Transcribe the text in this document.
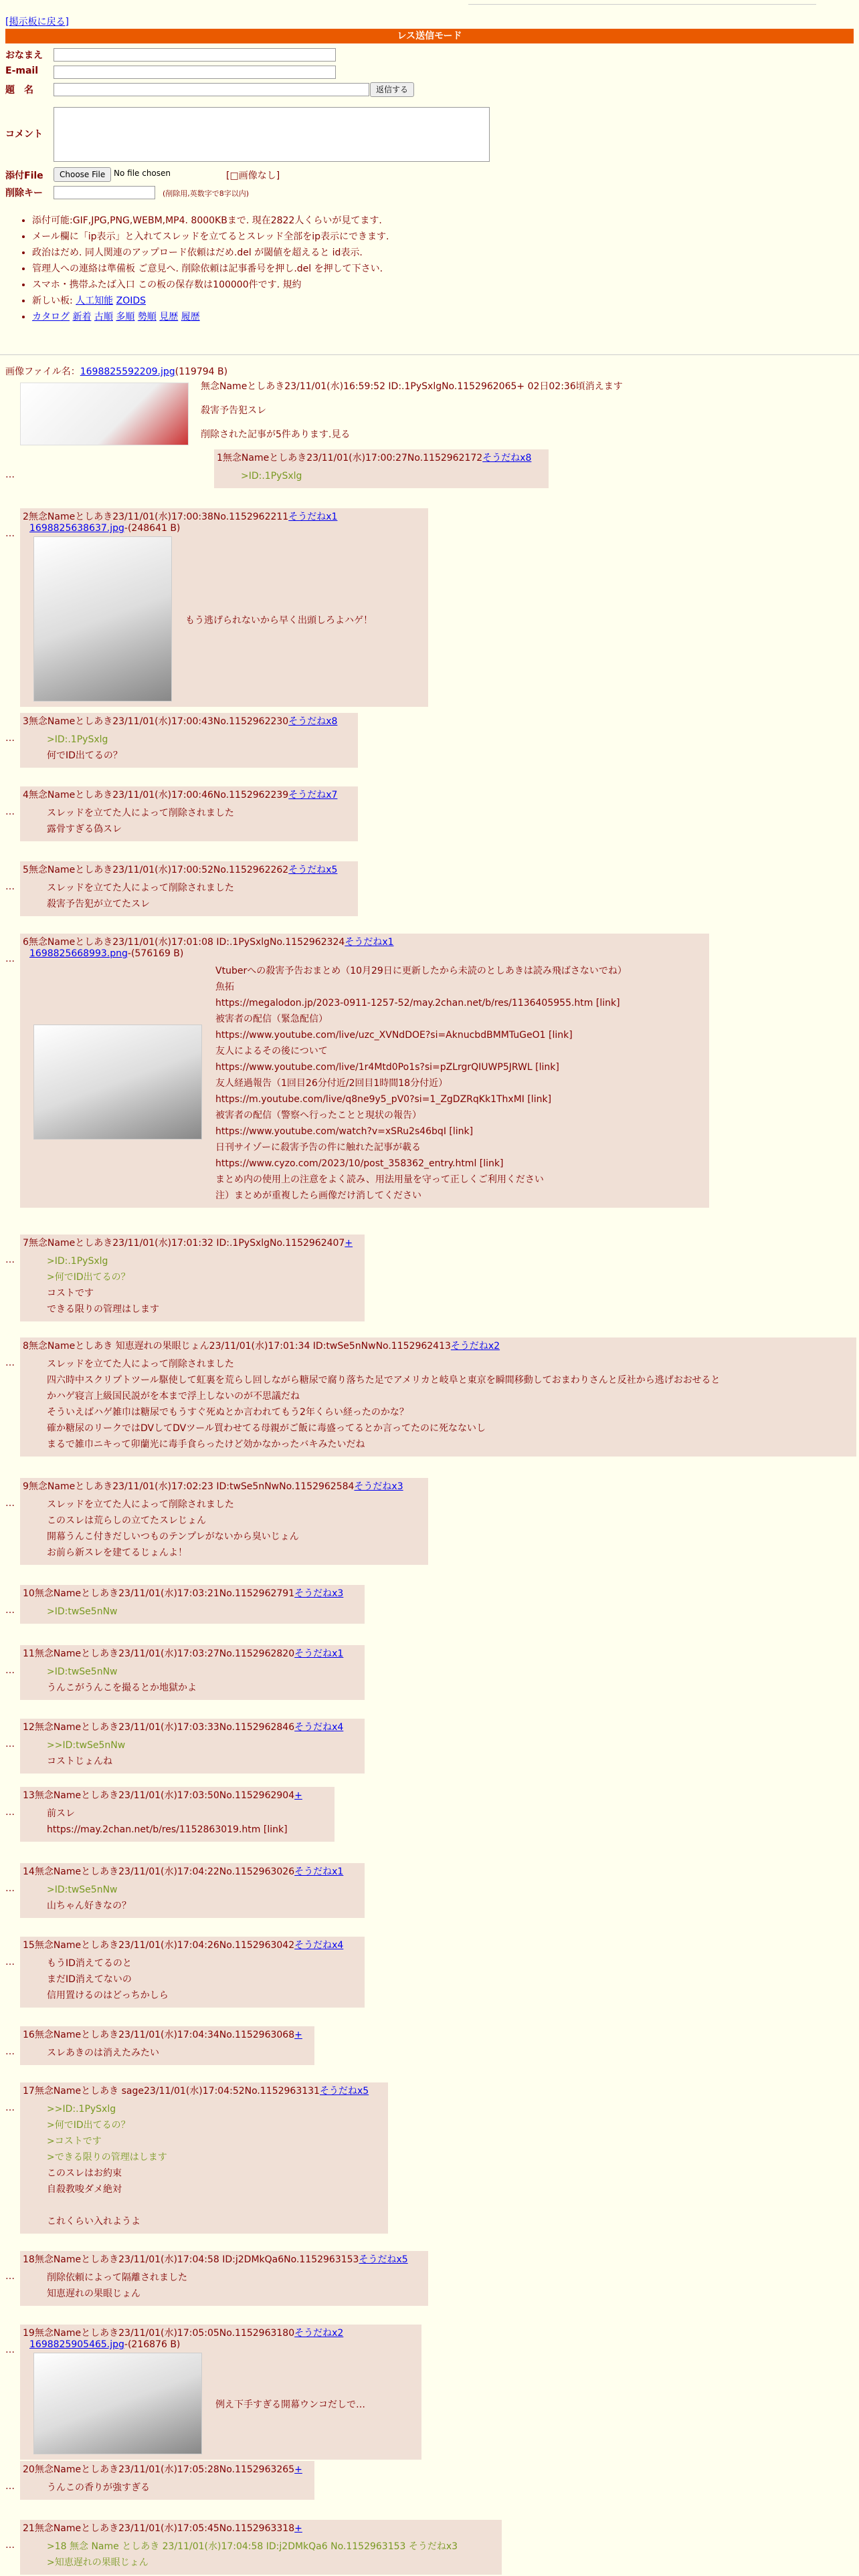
[掲示板に戻る]
レス送信モード
おなまえ
E-mail
題　名	返信する
コメント
添付File	Choose File	No file chosen	[□画像なし]
削除キー	(削除用,英数字で8字以内)
• 添付可能:GIF,JPG,PNG,WEBM,MP4. 8000KBまで. 現在2822人くらいが見てます.
• メール欄に「ip表示」と入れてスレッドを立てるとスレッド全部をip表示にできます.
• 政治はだめ. 同人関連のアップロード依頼はだめ.del が閾値を超えると id表示.
• 管理人への連絡は準備板 ご意見へ. 削除依頼は記事番号を押し.del を押して下さい.
• スマホ・携帯ふたば入口 この板の保存数は100000件です. 規約
• 新しい板: 人工知能 ZOIDS
• カタログ 新着 古順 多順 勢順 見歴 履歴
画像ファイル名：1698825592209.jpg(119794 B)
無念Nameとしあき23/11/01(水)16:59:52 ID:.1PySxlgNo.1152962065+ 02日02:36頃消えます
殺害予告犯スレ
削除された記事が5件あります.見る
…
1無念Nameとしあき23/11/01(水)17:00:27No.1152962172そうだねx8
>ID:.1PySxlg
…
2無念Nameとしあき23/11/01(水)17:00:38No.1152962211そうだねx1
1698825638637.jpg-(248641 B)
もう逃げられないから早く出頭しろよハゲ！
…
3無念Nameとしあき23/11/01(水)17:00:43No.1152962230そうだねx8
>ID:.1PySxlg
何でID出てるの？
…
4無念Nameとしあき23/11/01(水)17:00:46No.1152962239そうだねx7
スレッドを立てた人によって削除されました
露骨すぎる偽スレ
…
5無念Nameとしあき23/11/01(水)17:00:52No.1152962262そうだねx5
スレッドを立てた人によって削除されました
殺害予告犯が立てたスレ
…
6無念Nameとしあき23/11/01(水)17:01:08 ID:.1PySxlgNo.1152962324そうだねx1
1698825668993.png-(576169 B)
Vtuberへの殺害予告おまとめ（10月29日に更新したから未読のとしあきは読み飛ばさないでね）
魚拓
https://megalodon.jp/2023-0911-1257-52/may.2chan.net/b/res/1136405955.htm [link]
被害者の配信（緊急配信）
https://www.youtube.com/live/uzc_XVNdDOE?si=AknucbdBMMTuGeO1 [link]
友人によるその後について
https://www.youtube.com/live/1r4Mtd0Po1s?si=pZLrgrQIUWP5JRWL [link]
友人経過報告（1回目26分付近/2回目1時間18分付近）
https://m.youtube.com/live/q8ne9y5_pV0?si=1_ZgDZRqKk1ThxMI [link]
被害者の配信（警察へ行ったことと現状の報告）
https://www.youtube.com/watch?v=xSRu2s46bqI [link]
日刊サイゾーに殺害予告の件に触れた記事が載る
https://www.cyzo.com/2023/10/post_358362_entry.html [link]
まとめ内の使用上の注意をよく読み、用法用量を守って正しくご利用ください
注）まとめが重複したら画像だけ消してください
…
7無念Nameとしあき23/11/01(水)17:01:32 ID:.1PySxlgNo.1152962407+
>ID:.1PySxlg
>何でID出てるの？
コストです
できる限りの管理はします
…
8無念Nameとしあき 知恵遅れの果眼じょん23/11/01(水)17:01:34 ID:twSe5nNwNo.1152962413そうだねx2
スレッドを立てた人によって削除されました
四六時中スクリプトツール駆使して虹裏を荒らし回しながら糖尿で腐り落ちた足でアメリカと岐阜と東京を瞬間移動しておまわりさんと反社から逃げおおせると
かハゲ寝言上級国民説がを本まで浮上しないのが不思議だね
そういえばハゲ雑巾は糖尿でもうすぐ死ぬとか言われてもう2年くらい経ったのかな？
確か糖尿のリークではDVしてDVツール買わせてる母親がご飯に毒盛ってるとか言ってたのに死なないし
まるで雑巾ニキって卯蘭光に毒手食らったけど効かなかったバキみたいだね
…
9無念Nameとしあき23/11/01(水)17:02:23 ID:twSe5nNwNo.1152962584そうだねx3
スレッドを立てた人によって削除されました
このスレは荒らしの立てたスレじょん
開幕うんこ付きだしいつものテンプレがないから臭いじょん
お前ら新スレを建てるじょんよ！
…
10無念Nameとしあき23/11/01(水)17:03:21No.1152962791そうだねx3
>ID:twSe5nNw
…
11無念Nameとしあき23/11/01(水)17:03:27No.1152962820そうだねx1
>ID:twSe5nNw
うんこがうんこを撮るとか地獄かよ
…
12無念Nameとしあき23/11/01(水)17:03:33No.1152962846そうだねx4
>>ID:twSe5nNw
コストじょんね
…
13無念Nameとしあき23/11/01(水)17:03:50No.1152962904+
前スレ
https://may.2chan.net/b/res/1152863019.htm [link]
…
14無念Nameとしあき23/11/01(水)17:04:22No.1152963026そうだねx1
>ID:twSe5nNw
山ちゃん好きなの？
…
15無念Nameとしあき23/11/01(水)17:04:26No.1152963042そうだねx4
もうID消えてるのと
まだID消えてないの
信用置けるのはどっちかしら
…
16無念Nameとしあき23/11/01(水)17:04:34No.1152963068+
スレあきのは消えたみたい
…
17無念Nameとしあき sage23/11/01(水)17:04:52No.1152963131そうだねx5
>>ID:.1PySxlg
>何でID出てるの？
>コストです
>できる限りの管理はします
このスレはお約束
自殺教唆ダメ絶対

これくらい入れようよ
…
18無念Nameとしあき23/11/01(水)17:04:58 ID:j2DMkQa6No.1152963153そうだねx5
削除依頼によって隔離されました
知恵遅れの果眼じょん
…
19無念Nameとしあき23/11/01(水)17:05:05No.1152963180そうだねx2
1698825905465.jpg-(216876 B)
例え下手すぎる開幕ウンコだしで…
…
20無念Nameとしあき23/11/01(水)17:05:28No.1152963265+
うんこの香りが強すぎる
…
21無念Nameとしあき23/11/01(水)17:05:45No.1152963318+
>18 無念 Name としあき 23/11/01(水)17:04:58 ID:j2DMkQa6 No.1152963153 そうだねx3
>知恵遅れの果眼じょん
